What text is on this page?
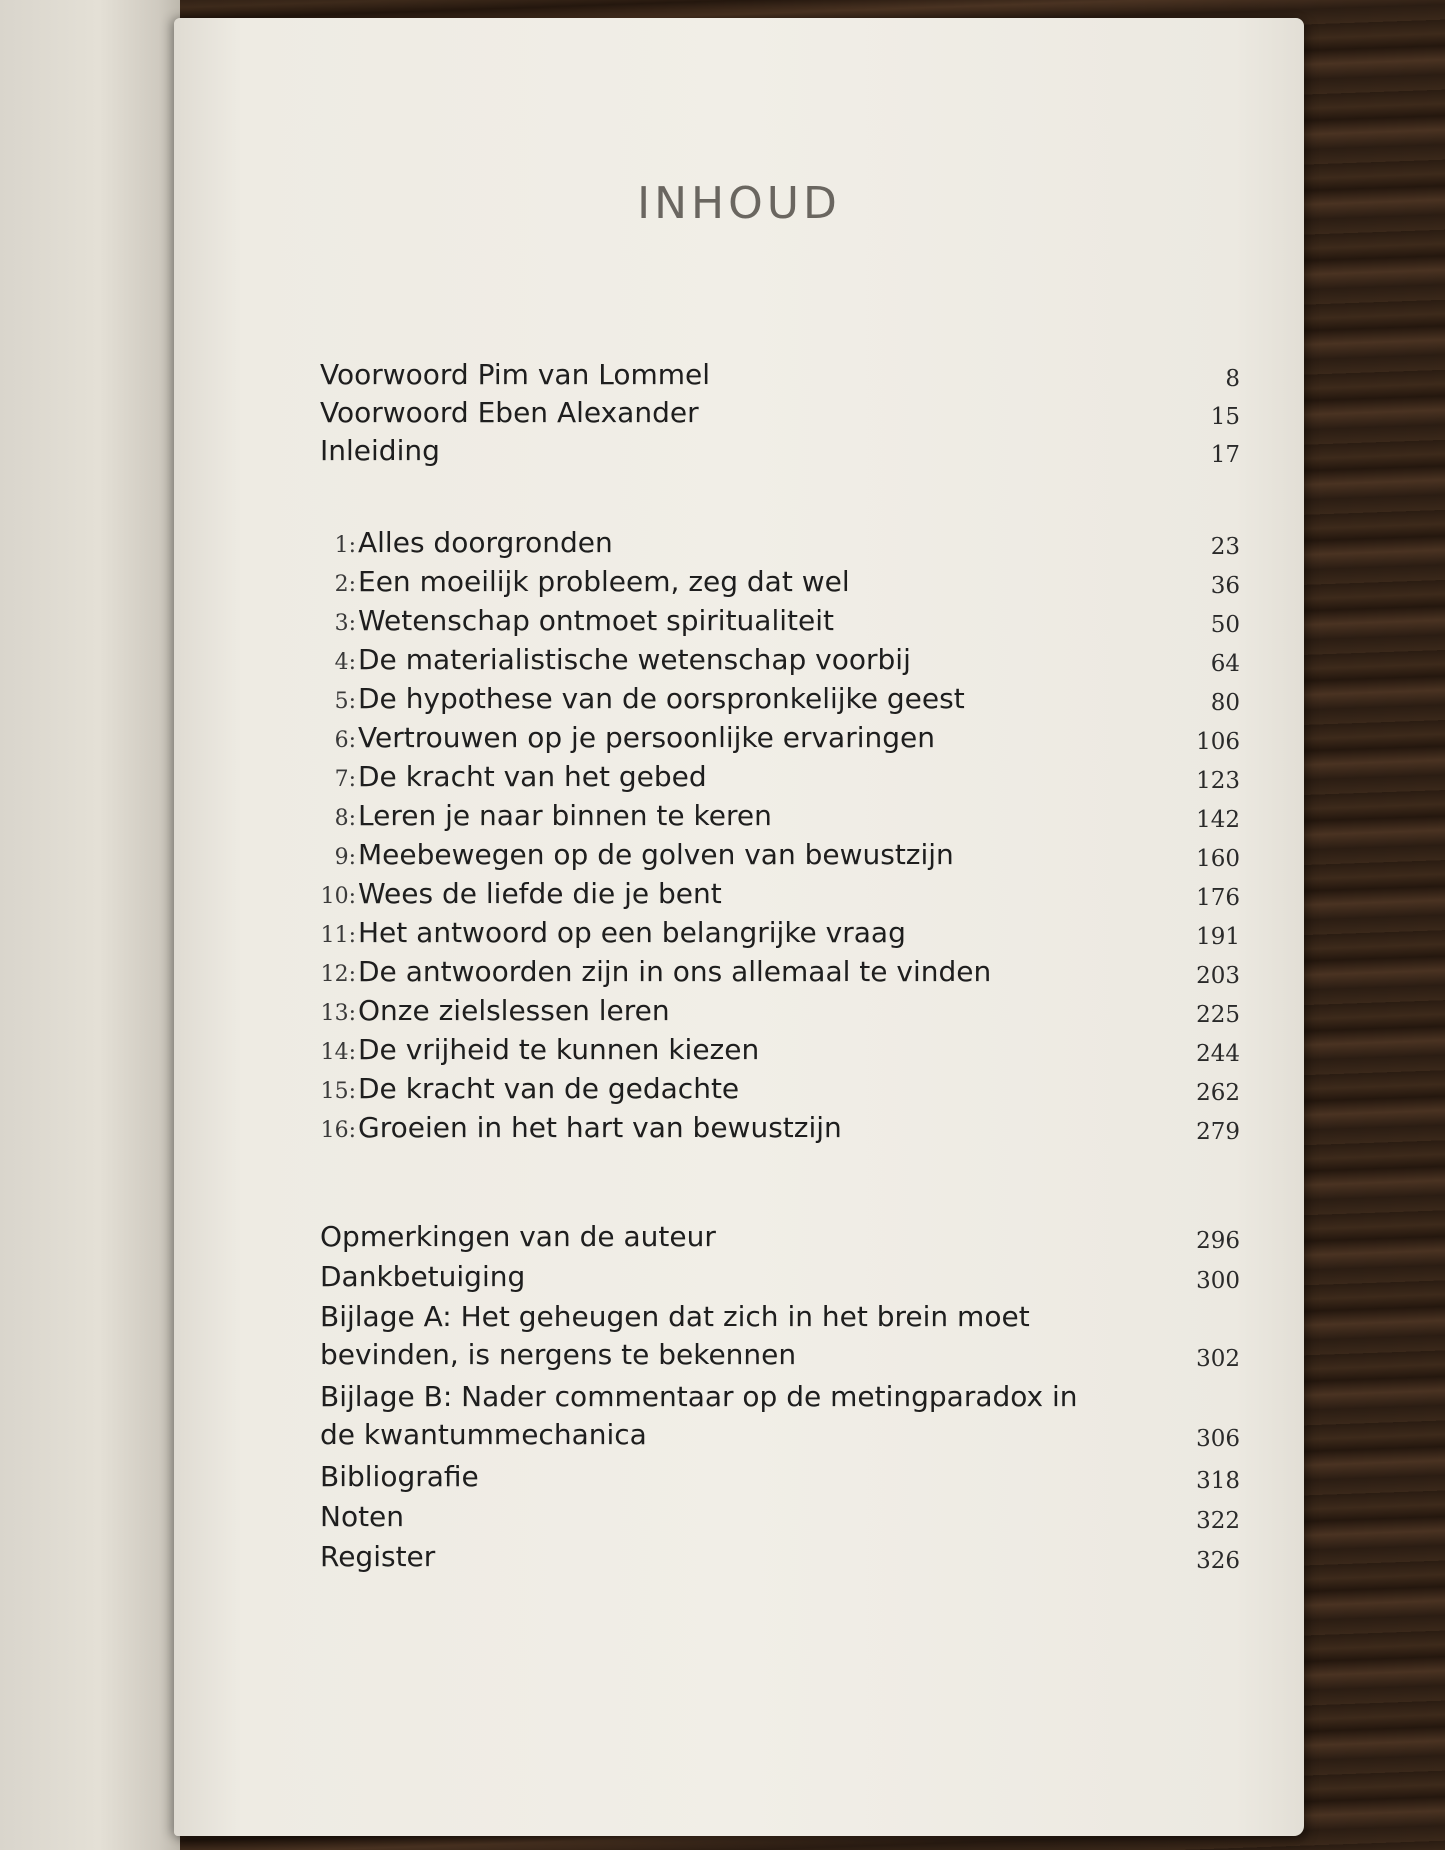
INHOUD
Voorwoord Pim van Lommel	8
Voorwoord Eben Alexander	15
Inleiding	17
1:Alles doorgronden	23
2:Een moeilijk probleem, zeg dat wel	36
3:Wetenschap ontmoet spiritualiteit	50
4:De materialistische wetenschap voorbij	64
5:De hypothese van de oorspronkelijke geest	80
6:Vertrouwen op je persoonlijke ervaringen	106
7:De kracht van het gebed	123
8:Leren je naar binnen te keren	142
9:Meebewegen op de golven van bewustzijn	160
10:Wees de liefde die je bent	176
11:Het antwoord op een belangrijke vraag	191
12:De antwoorden zijn in ons allemaal te vinden	203
13:Onze zielslessen leren	225
14:De vrijheid te kunnen kiezen	244
15:De kracht van de gedachte	262
16:Groeien in het hart van bewustzijn	279
Opmerkingen van de auteur	296
Dankbetuiging	300
Bijlage A: Het geheugen dat zich in het brein moet bevinden, is nergens te bekennen	302
Bijlage B: Nader commentaar op de metingparadox in de kwantummechanica	306
Bibliografie	318
Noten	322
Register	326
